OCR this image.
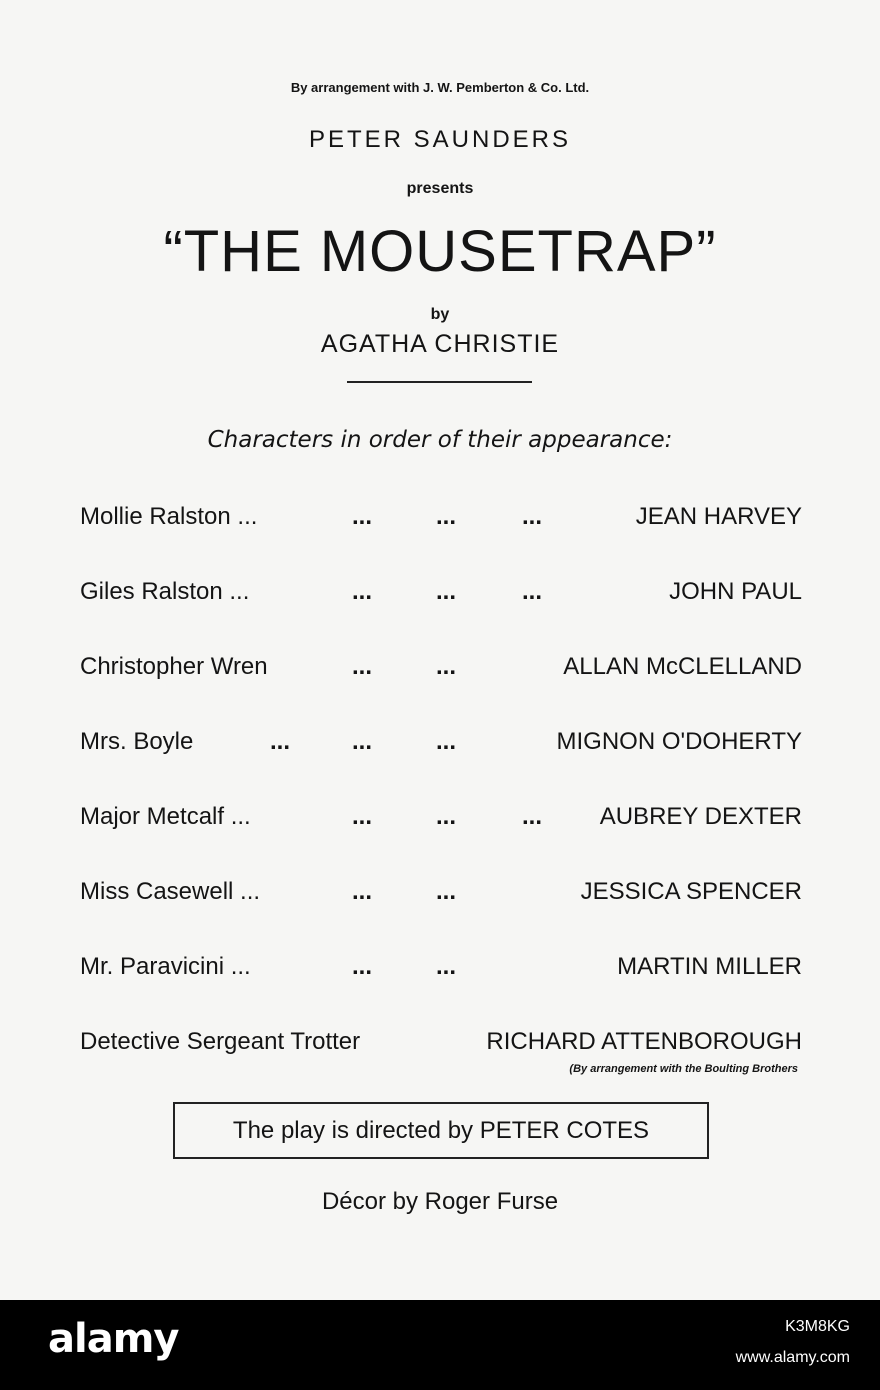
By arrangement with J. W. Pemberton & Co. Ltd.
PETER SAUNDERS
presents
“THE MOUSETRAP”
by
AGATHA CHRISTIE
Characters in order of their appearance:
Mollie Ralston ...	...	...	...	JEAN HARVEY
Giles Ralston ...	...	...	...	JOHN PAUL
Christopher Wren	...	...	ALLAN McCLELLAND
Mrs. Boyle	...	...	...	MIGNON O'DOHERTY
Major Metcalf ...	...	...	... AUBREY DEXTER
Miss Casewell ...	...	...	JESSICA SPENCER
Mr. Paravicini ...	...	...	MARTIN MILLER
Detective Sergeant Trotter	RICHARD ATTENBOROUGH
(By arrangement with the Boulting Brothers
The play is directed by PETER COTES
Décor by Roger Furse
alamy	K3M8KG
www.alamy.com
